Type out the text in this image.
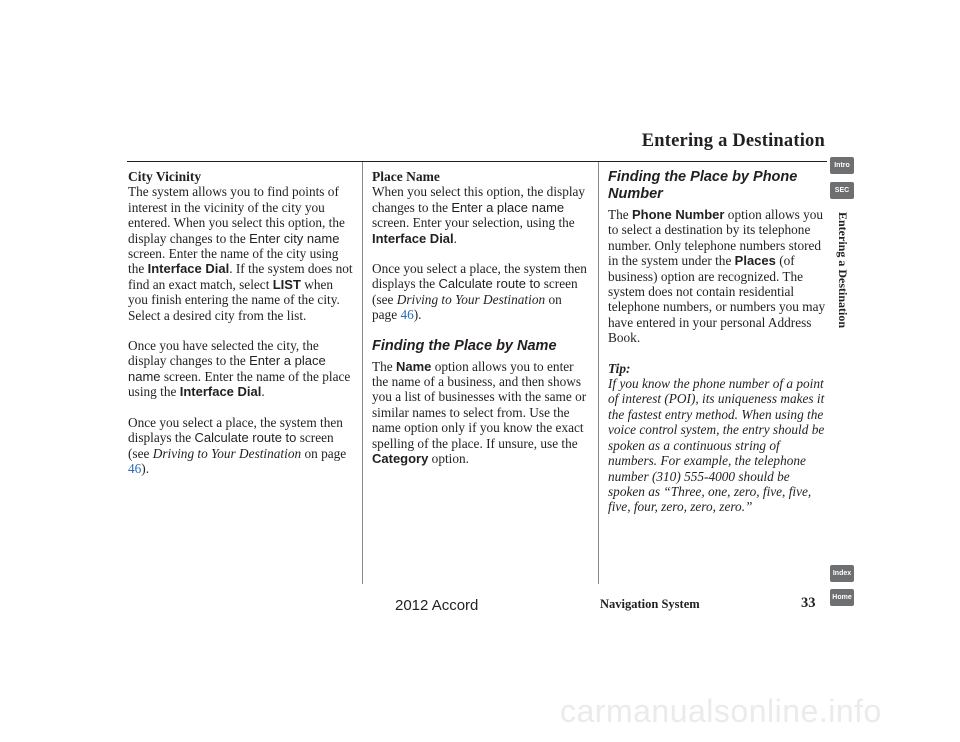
Entering a Destination
City Vicinity

The system allows you to find points of interest in the vicinity of the city you entered. When you select this option, the display changes to the Enter city name screen. Enter the name of the city using the Interface Dial. If the system does not find an exact match, select LIST when you finish entering the name of the city. Select a desired city from the list.

Once you have selected the city, the display changes to the Enter a place name screen. Enter the name of the place using the Interface Dial.

Once you select a place, the system then displays the Calculate route to screen (see Driving to Your Destination on page 46).

Place Name

When you select this option, the display changes to the Enter a place name screen. Enter your selection, using the Interface Dial.

Once you select a place, the system then displays the Calculate route to screen (see Driving to Your Destination on page 46).

Finding the Place by Name

The Name option allows you to enter the name of a business, and then shows you a list of businesses with the same or similar names to select from. Use the name option only if you know the exact spelling of the place. If unsure, use the Category option.

Finding the Place by Phone Number

The Phone Number option allows you to select a destination by its telephone number. Only telephone numbers stored in the system under the Places (of business) option are recognized. The system does not contain residential telephone numbers, or numbers you may have entered in your personal Address Book.

Tip:
If you know the phone number of a point of interest (POI), its uniqueness makes it the fastest entry method. When using the voice control system, the entry should be spoken as a continuous string of numbers. For example, the telephone number (310) 555-4000 should be spoken as “Three, one, zero, five, five, five, four, zero, zero, zero.”
Intro
SEC
Entering a Destination
Index
Home
Navigation System	33
2012 Accord
carmanualsonline.info
